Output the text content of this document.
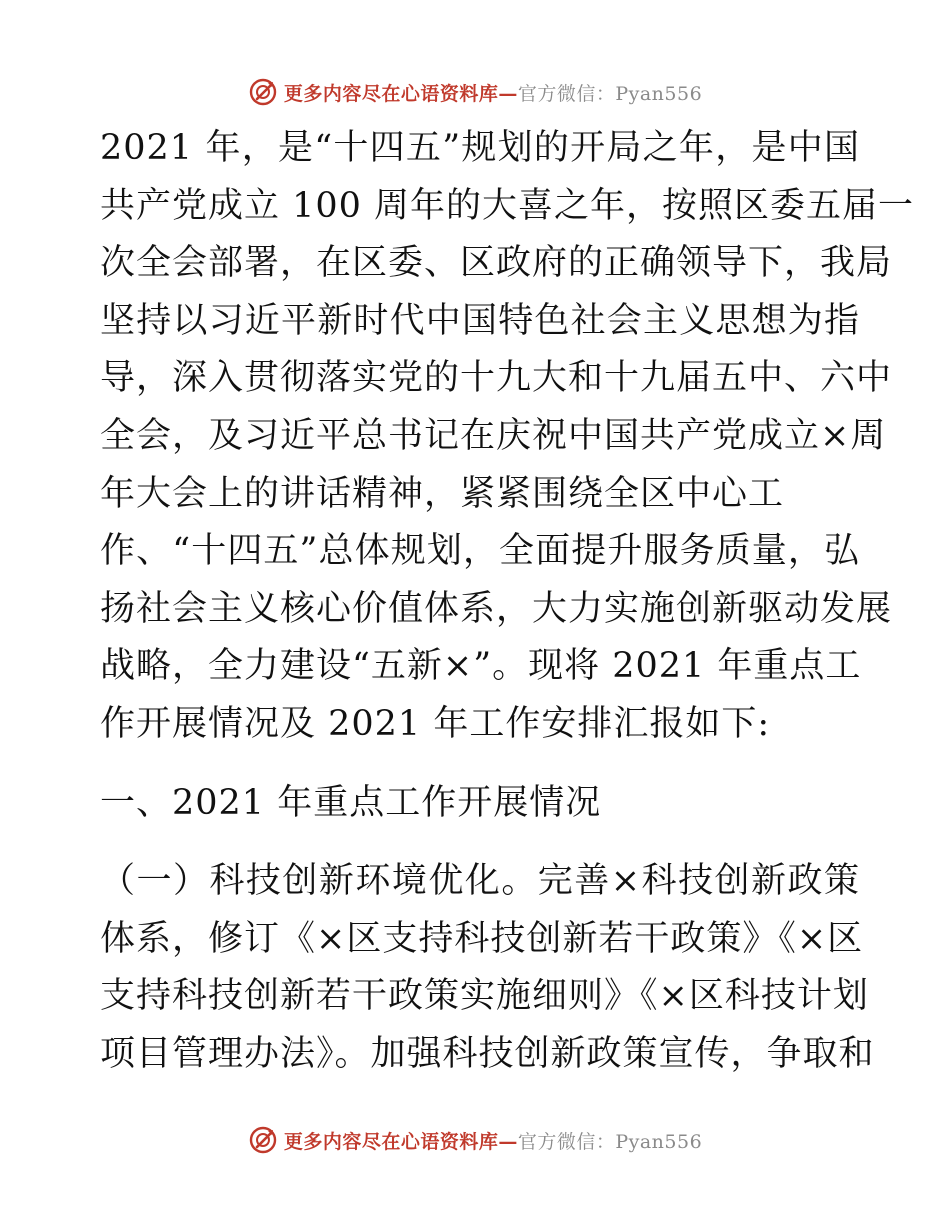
更多内容尽在心语资料库—官方微信：Pyan556
2021 年，是“十四五”规划的开局之年，是中国
共产党成立 100 周年的大喜之年，按照区委五届一
次全会部署，在区委、区政府的正确领导下，我局
坚持以习近平新时代中国特色社会主义思想为指
导，深入贯彻落实党的十九大和十九届五中、六中
全会，及习近平总书记在庆祝中国共产党成立×周
年大会上的讲话精神，紧紧围绕全区中心工
作、“十四五”总体规划，全面提升服务质量，弘
扬社会主义核心价值体系，大力实施创新驱动发展
战略，全力建设“五新×”。现将 2021 年重点工
作开展情况及 2021 年工作安排汇报如下:
一、2021 年重点工作开展情况
（一）科技创新环境优化。完善×科技创新政策
体系，修订《×区支持科技创新若干政策》《×区
支持科技创新若干政策实施细则》《×区科技计划
项目管理办法》。加强科技创新政策宣传，争取和
更多内容尽在心语资料库—官方微信：Pyan556
